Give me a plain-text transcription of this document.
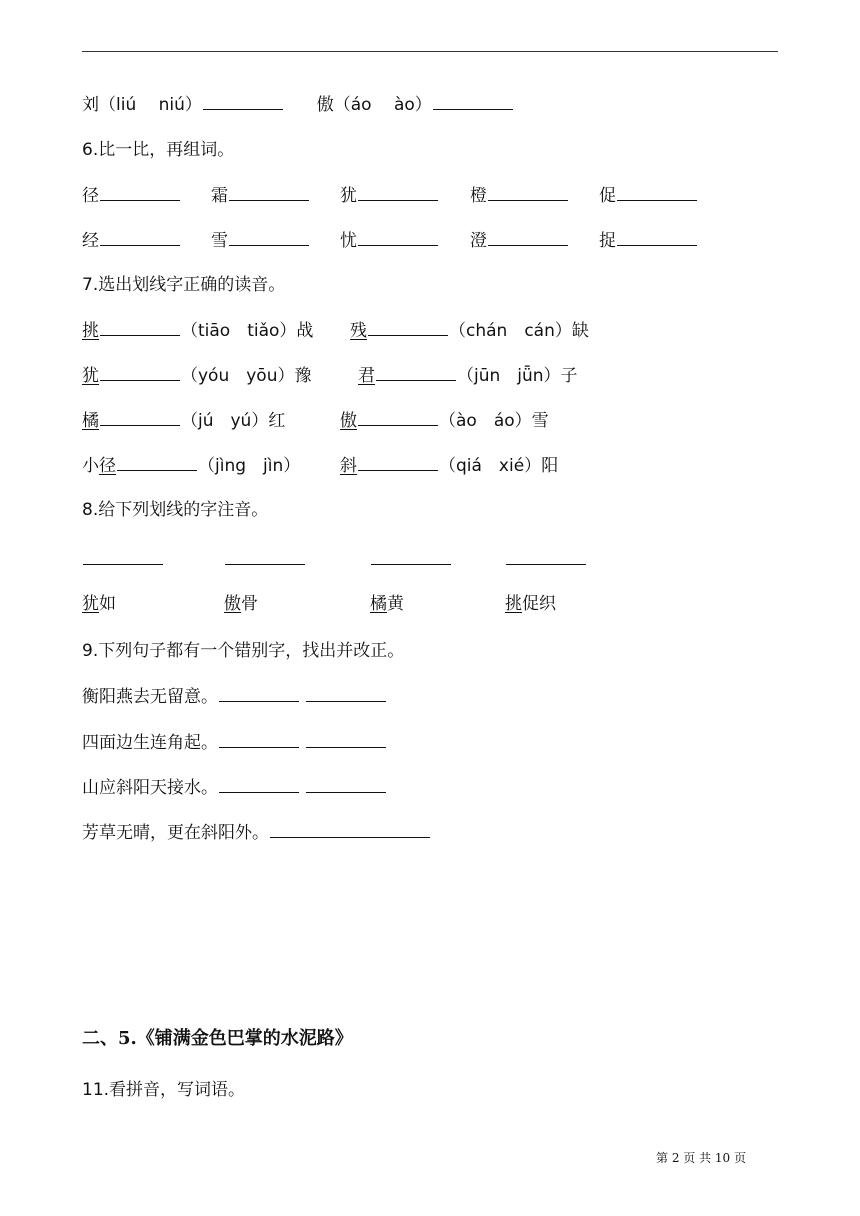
刘（liú　 niú）	傲（áo　 ào）
6.比一比，再组词。
径	霜	犹	橙	促
经	雪	忧	澄	捉
7.选出划线字正确的读音。
挑	（tiāo　tiǎo）战 残	（chán　cán）缺
犹	（yóu　yōu）豫	君	（jūn　jǖn）子
橘	（jú　yú）红	傲	（ào　áo）雪
小径	（jìng　jìn） 斜	（qiá　xié）阳
8.给下列划线的字注音。
犹如	傲骨	橘黄	挑促织
9.下列句子都有一个错别字，找出并改正。
衡阳燕去无留意。
四面边生连角起。
山应斜阳天接水。
芳草无晴，更在斜阳外。
二、5.《铺满金色巴掌的水泥路》
11.看拼音，写词语。
第 2 页 共 10 页
